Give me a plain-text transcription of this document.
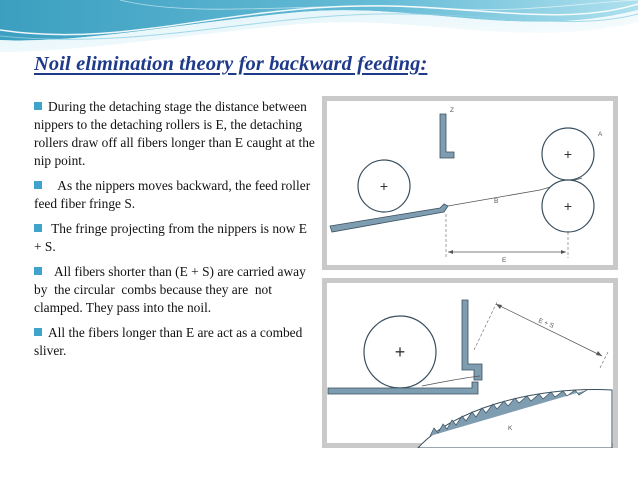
Noil elimination theory for backward feeding:
During the detaching stage the distance between nippers to the detaching rollers is E, the detaching rollers draw off all fibers longer than E caught at the nip point.
As the nippers moves backward, the feed roller feed fiber fringe S.
The fringe projecting from the nippers is now E + S.
All fibers shorter than (E + S) are carried away by  the circular  combs because they are  not  clamped. They pass into the noil.
All the fibers longer than E are act as a combed sliver.
Z
+
+
+
A
B
E
+
K
E + S
